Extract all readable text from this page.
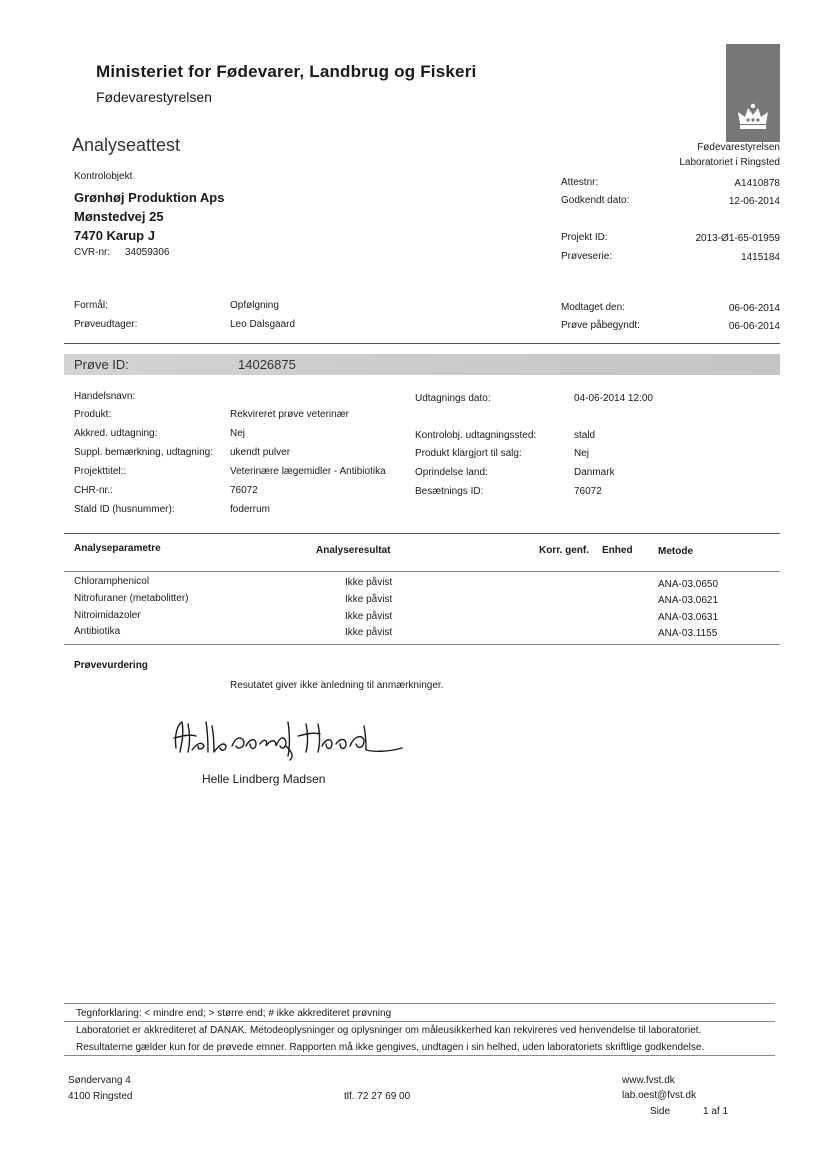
Ministeriet for Fødevarer, Landbrug og Fiskeri
Fødevarestyrelsen
Analyseattest	Fødevarestyrelsen
Laboratoriet i Ringsted
Kontrolobjekt
Grønhøj Produktion Aps
Mønstedvej 25
7470 Karup J
CVR-nr: 34059306
Attestnr:	A1410878
Godkendt dato:	12-06-2014
Projekt ID:	2013-Ø1-65-01959
Prøveserie:	1415184
Formål:	Opfølgning
Prøveudtager:	Leo Dalsgaard
Modtaget den:	06-06-2014
Prøve påbegyndt:	06-06-2014
Prøve ID:	14026875
Handelsnavn:
Produkt:	Rekvireret prøve veterinær
Akkred. udtagning:	Nej
Suppl. bemærkning, udtagning: ukendt pulver
Projekttitel::	Veterinære lægemidler - Antibiotika
CHR-nr.:	76072
Stald ID (husnummer):	foderrum
Udtagnings dato:	04-06-2014 12:00
Kontrolobj. udtagningssted:	stald
Produkt klargjort til salg:	Nej
Oprindelse land:	Danmark
Besætnings ID:	76072
Analyseparametre	Analyseresultat	Korr. genf. Enhed	Metode
Chloramphenicol	Ikke påvist	ANA-03.0650
Nitrofuraner (metabolitter)	Ikke påvist	ANA-03.0621
Nitroimidazoler	Ikke påvist	ANA-03.0631
Antibiotika	Ikke påvist	ANA-03.1155
Prøvevurdering
Resutatet giver ikke anledning til anmærkninger.
Helle Lindberg Madsen
Tegnforklaring: < mindre end; > større end; # ikke akkrediteret prøvning
Laboratoriet er akkrediteret af DANAK. Metodeoplysninger og oplysninger om måleusikkerhed kan rekvireres ved henvendelse til laboratoriet.
Resultaterne gælder kun for de prøvede emner. Rapporten må ikke gengives, undtagen i sin helhed, uden laboratoriets skriftlige godkendelse.
Søndervang 4
4100 Ringsted	tlf. 72 27 69 00
www.fvst.dk
lab.oest@fvst.dk
Side	1 af 1
